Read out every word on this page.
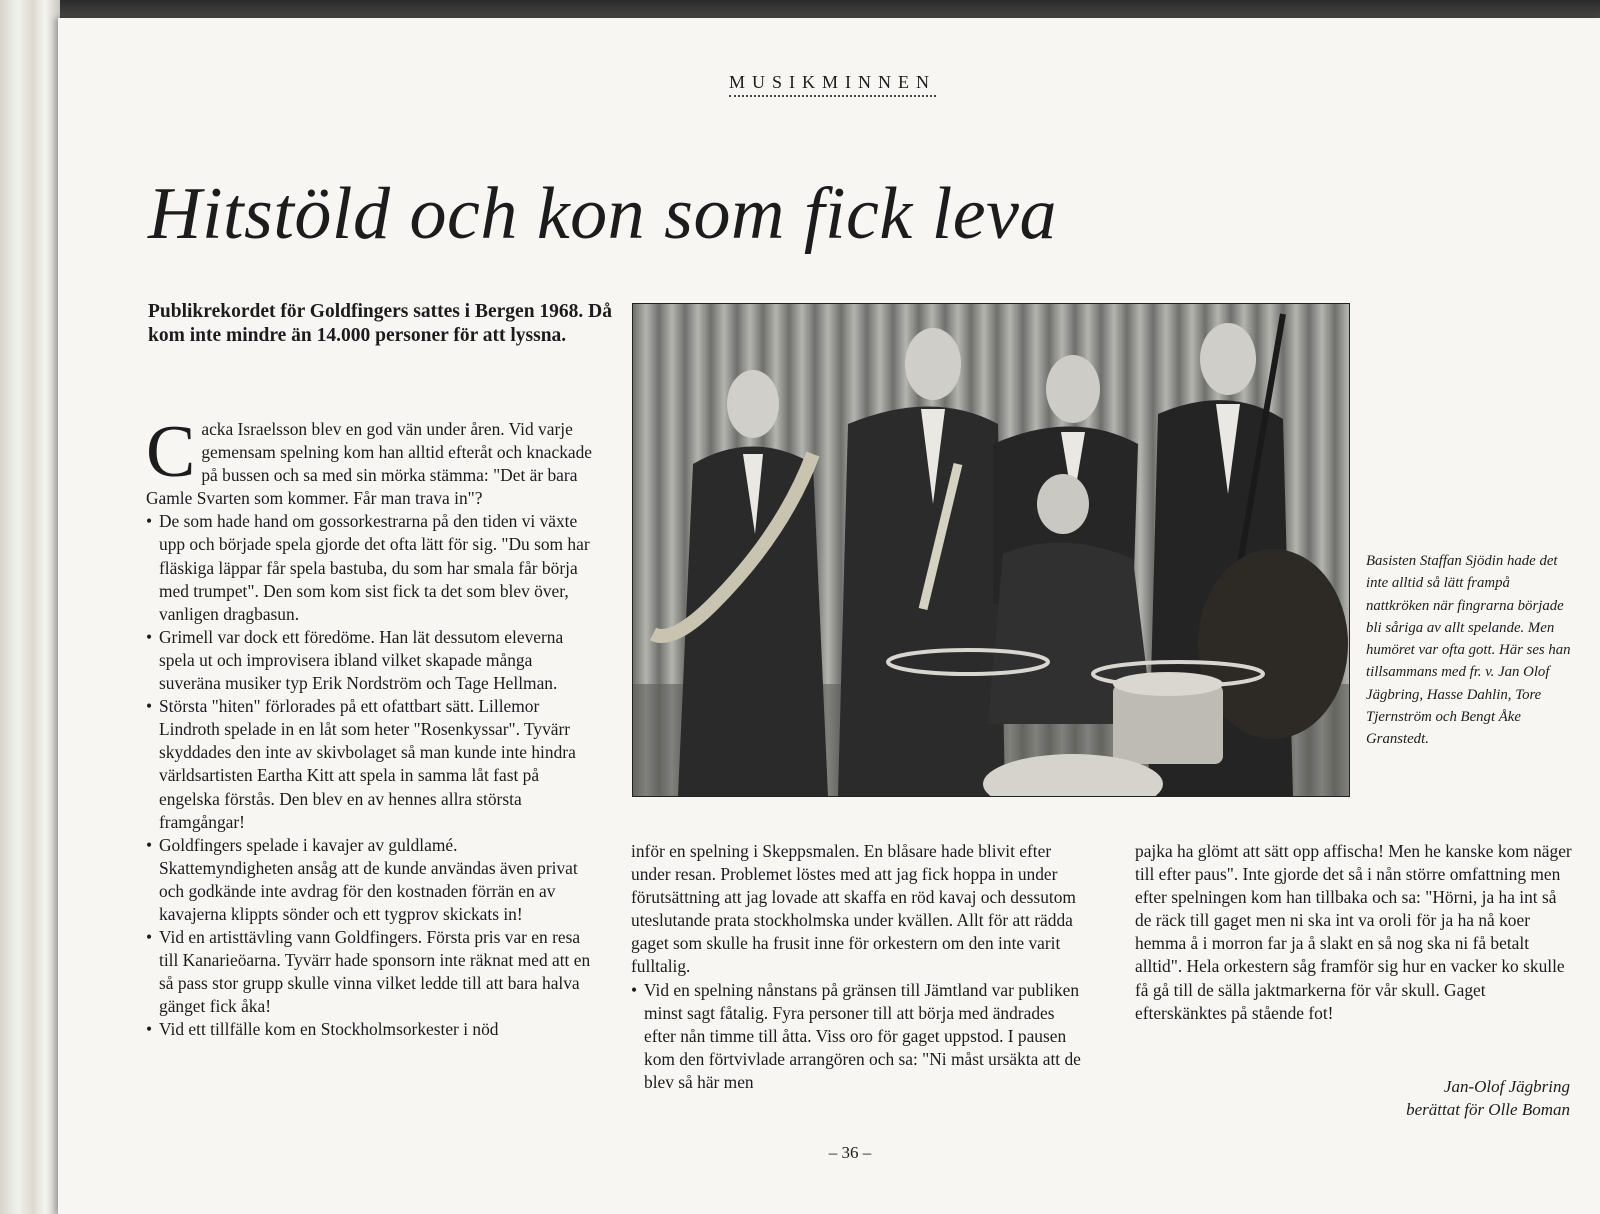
MUSIKMINNEN
Hitstöld och kon som fick leva

Publikrekordet för Goldfingers sattes i Bergen 1968. Då kom inte mindre än 14.000 personer för att lyssna.

Cacka Israelsson blev en god vän under åren. Vid varje gemensam spelning kom han alltid efteråt och knackade på bussen och sa med sin mörka stämma: "Det är bara Gamle Svarten som kommer. Får man trava in"?

• De som hade hand om gossorkestrarna på den tiden vi växte upp och började spela gjorde det ofta lätt för sig. "Du som har fläskiga läppar får spela bastuba, du som har smala får börja med trumpet". Den som kom sist fick ta det som blev över, vanligen dragbasun.
• Grimell var dock ett föredöme. Han lät dessutom eleverna spela ut och improvisera ibland vilket skapade många suveräna musiker typ Erik Nordström och Tage Hellman.
• Största "hiten" förlorades på ett ofattbart sätt. Lillemor Lindroth spelade in en låt som heter "Rosenkyssar". Tyvärr skyddades den inte av skivbolaget så man kunde inte hindra världsartisten Eartha Kitt att spela in samma låt fast på engelska förstås. Den blev en av hennes allra största framgångar!
• Goldfingers spelade i kavajer av guldlamé. Skattemyndigheten ansåg att de kunde användas även privat och godkände inte avdrag för den kostnaden förrän en av kavajerna klippts sönder och ett tygprov skickats in!
• Vid en artisttävling vann Goldfingers. Första pris var en resa till Kanarieöarna. Tyvärr hade sponsorn inte räknat med att en så pass stor grupp skulle vinna vilket ledde till att bara halva gänget fick åka!
• Vid ett tillfälle kom en Stockholmsorkester i nöd

inför en spelning i Skeppsmalen. En blåsare hade blivit efter under resan. Problemet löstes med att jag fick hoppa in under förutsättning att jag lovade att skaffa en röd kavaj och dessutom uteslutande prata stockholmska under kvällen. Allt för att rädda gaget som skulle ha frusit inne för orkestern om den inte varit fulltalig.

• Vid en spelning nånstans på gränsen till Jämtland var publiken minst sagt fåtalig. Fyra personer till att börja med ändrades efter nån timme till åtta. Viss oro för gaget uppstod. I pausen kom den förtvivlade arrangören och sa: "Ni måst ursäkta att de blev så här men

pajka ha glömt att sätt opp affischa! Men he kanske kom näger till efter paus". Inte gjorde det så i nån större omfattning men efter spelningen kom han tillbaka och sa: "Hörni, ja ha int så de räck till gaget men ni ska int va oroli för ja ha nå koer hemma å i morron far ja å slakt en så nog ska ni få betalt alltid". Hela orkestern såg framför sig hur en vacker ko skulle få gå till de sälla jaktmarkerna för vår skull. Gaget efterskänktes på stående fot!

Basisten Staffan Sjödin hade det inte alltid så lätt frampå nattkröken när fingrarna började bli såriga av allt spelande. Men humöret var ofta gott. Här ses han tillsammans med fr. v. Jan Olof Jägbring, Hasse Dahlin, Tore Tjernström och Bengt Åke Granstedt.

Jan-Olof Jägbring
berättat för Olle Boman
– 36 –
